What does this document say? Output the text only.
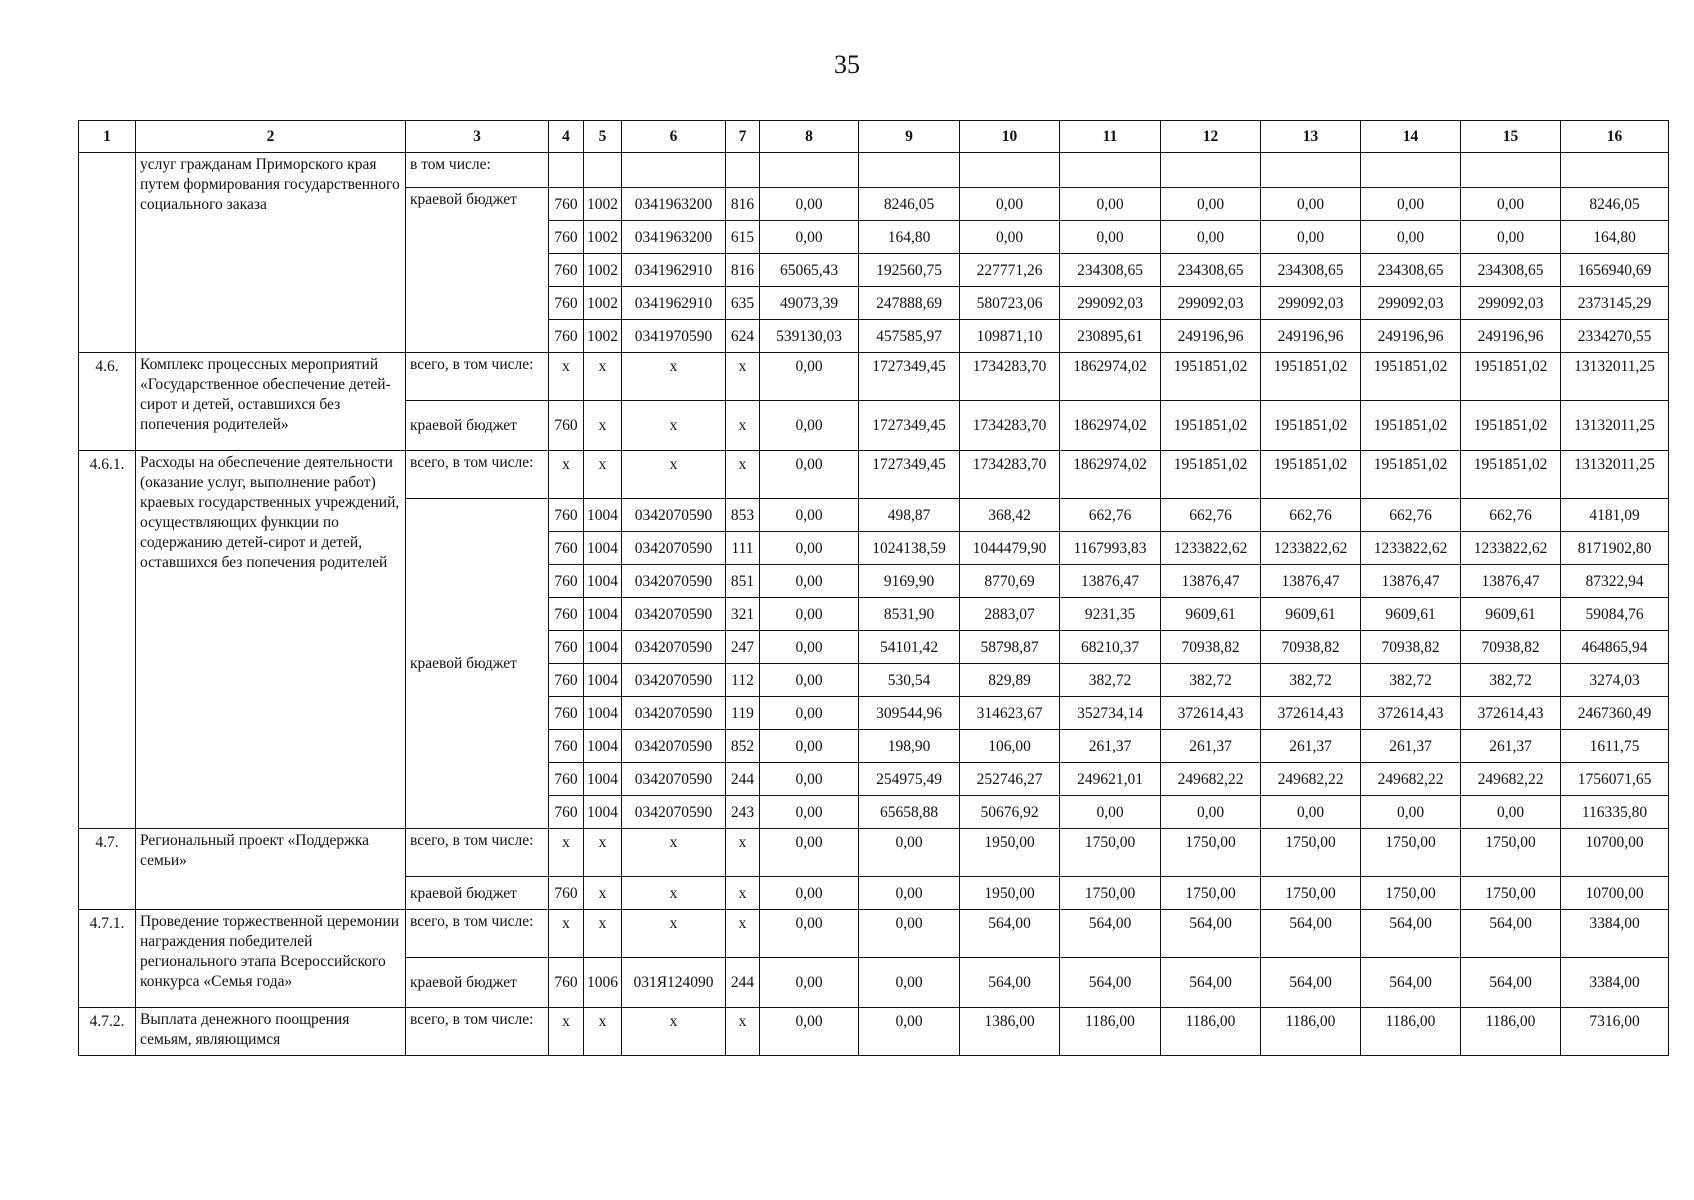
35
1	2	3	4	5	6	7	8	9	10	11	12	13	14	15	16
	услуг гражданам Приморского края путем формирования государственного социального заказа	в том числе:													
		краевой бюджет	760	1002	0341963200	816	0,00	8246,05	0,00	0,00	0,00	0,00	0,00	0,00	8246,05
			760	1002	0341963200	615	0,00	164,80	0,00	0,00	0,00	0,00	0,00	0,00	164,80
			760	1002	0341962910	816	65065,43	192560,75	227771,26	234308,65	234308,65	234308,65	234308,65	234308,65	1656940,69
			760	1002	0341962910	635	49073,39	247888,69	580723,06	299092,03	299092,03	299092,03	299092,03	299092,03	2373145,29
			760	1002	0341970590	624	539130,03	457585,97	109871,10	230895,61	249196,96	249196,96	249196,96	249196,96	2334270,55
4.6.	Комплекс процессных мероприятий «Государственное обеспечение детей-сирот и детей, оставшихся без попечения родителей»	всего, в том числе:	x	x	x	x	0,00	1727349,45	1734283,70	1862974,02	1951851,02	1951851,02	1951851,02	1951851,02	13132011,25
		краевой бюджет	760	x	x	x	0,00	1727349,45	1734283,70	1862974,02	1951851,02	1951851,02	1951851,02	1951851,02	13132011,25
4.6.1.	Расходы на обеспечение деятельности (оказание услуг, выполнение работ) краевых государственных учреждений, осуществляющих функции по содержанию детей-сирот и детей, оставшихся без попечения родителей	всего, в том числе:	x	x	x	x	0,00	1727349,45	1734283,70	1862974,02	1951851,02	1951851,02	1951851,02	1951851,02	13132011,25
		краевой бюджет	760	1004	0342070590	853	0,00	498,87	368,42	662,76	662,76	662,76	662,76	662,76	4181,09
			760	1004	0342070590	111	0,00	1024138,59	1044479,90	1167993,83	1233822,62	1233822,62	1233822,62	1233822,62	8171902,80
			760	1004	0342070590	851	0,00	9169,90	8770,69	13876,47	13876,47	13876,47	13876,47	13876,47	87322,94
			760	1004	0342070590	321	0,00	8531,90	2883,07	9231,35	9609,61	9609,61	9609,61	9609,61	59084,76
			760	1004	0342070590	247	0,00	54101,42	58798,87	68210,37	70938,82	70938,82	70938,82	70938,82	464865,94
			760	1004	0342070590	112	0,00	530,54	829,89	382,72	382,72	382,72	382,72	382,72	3274,03
			760	1004	0342070590	119	0,00	309544,96	314623,67	352734,14	372614,43	372614,43	372614,43	372614,43	2467360,49
			760	1004	0342070590	852	0,00	198,90	106,00	261,37	261,37	261,37	261,37	261,37	1611,75
			760	1004	0342070590	244	0,00	254975,49	252746,27	249621,01	249682,22	249682,22	249682,22	249682,22	1756071,65
			760	1004	0342070590	243	0,00	65658,88	50676,92	0,00	0,00	0,00	0,00	0,00	116335,80
4.7.	Региональный проект «Поддержка семьи»	всего, в том числе:	x	x	x	x	0,00	0,00	1950,00	1750,00	1750,00	1750,00	1750,00	1750,00	10700,00
		краевой бюджет	760	x	x	x	0,00	0,00	1950,00	1750,00	1750,00	1750,00	1750,00	1750,00	10700,00
4.7.1.	Проведение торжественной церемонии награждения победителей регионального этапа Всероссийского конкурса «Семья года»	всего, в том числе:	x	x	x	x	0,00	0,00	564,00	564,00	564,00	564,00	564,00	564,00	3384,00
		краевой бюджет	760	1006	031Я124090	244	0,00	0,00	564,00	564,00	564,00	564,00	564,00	564,00	3384,00
4.7.2.	Выплата денежного поощрения семьям, являющимся	всего, в том числе:	x	x	x	x	0,00	0,00	1386,00	1186,00	1186,00	1186,00	1186,00	1186,00	7316,00
